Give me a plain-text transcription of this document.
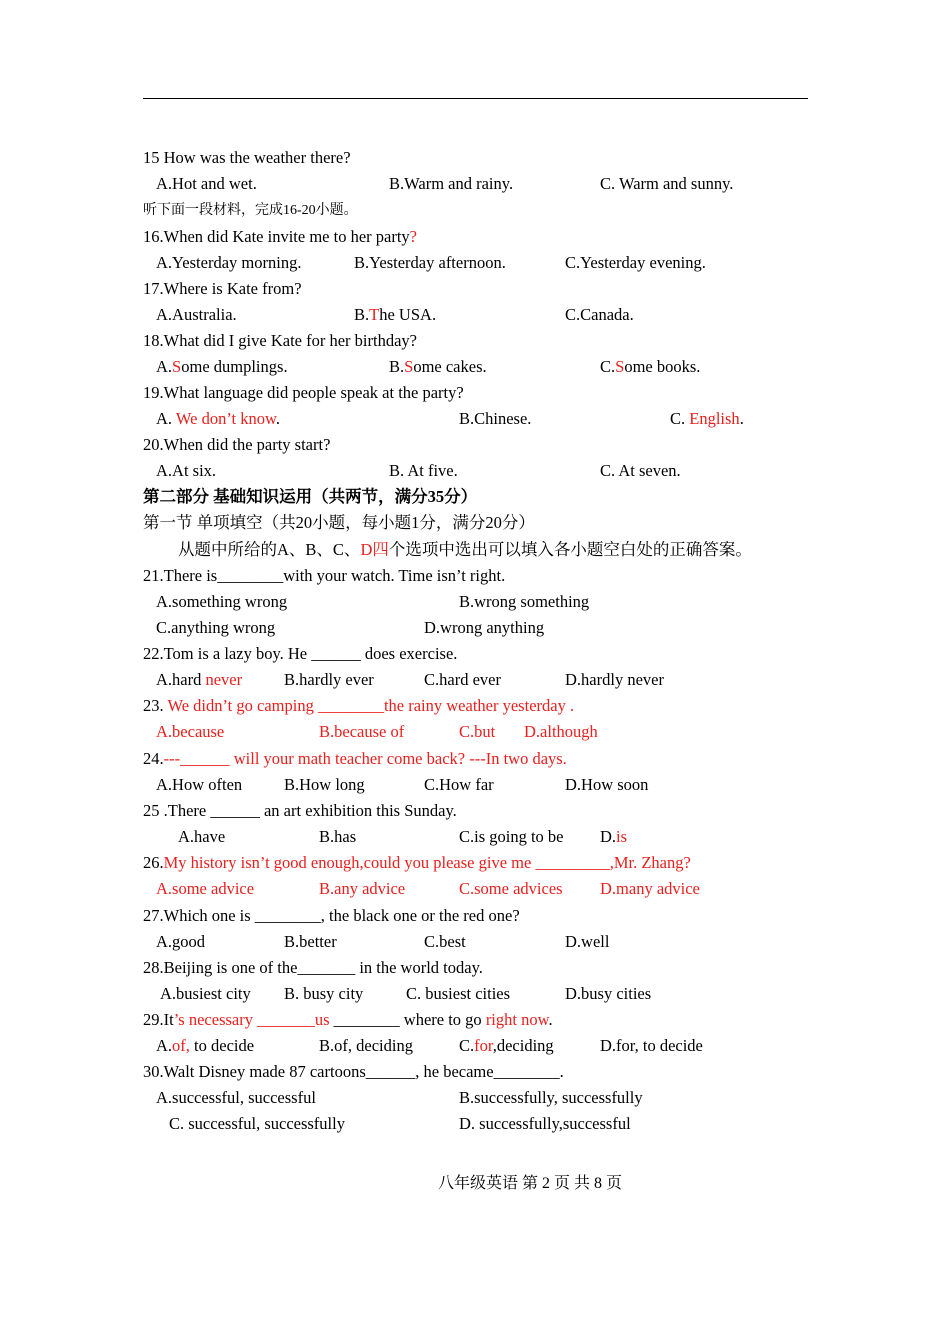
15 How was the weather there?
A.Hot and wet.	B.Warm and rainy.	C. Warm and sunny.
听下面一段材料，完成16-20小题。
16.When did Kate invite me to her party?
A.Yesterday morning.	B.Yesterday afternoon.	C.Yesterday evening.
17.Where is Kate from?
A.Australia.	B.The USA.	C.Canada.
18.What did I give Kate for her birthday?
A.Some dumplings.	B.Some cakes.	C.Some books.
19.What language did people speak at the party?
A. We don’t know.	B.Chinese.	C. English.
20.When did the party start?
A.At six.	B. At five.	C. At seven.
第二部分 基础知识运用（共两节，满分35分）
第一节 单项填空（共20小题，每小题1分，满分20分）
从题中所给的A、B、C、D四个选项中选出可以填入各小题空白处的正确答案。
21.There is________with your watch. Time isn’t right.
A.something wrong	B.wrong something
C.anything wrong	D.wrong anything
22.Tom is a lazy boy. He ______ does exercise.
A.hard never	B.hardly ever	C.hard ever	D.hardly never
23. We didn’t go camping ________the rainy weather yesterday .
A.because	B.because of	C.but D.although
24.---______ will your math teacher come back? ---In two days.
A.How often	B.How long	C.How far	D.How soon
25 .There ______ an art exhibition this Sunday.
A.have	B.has	C.is going to be D.is
26.My history isn’t good enough,could you please give me _________,Mr. Zhang?
A.some advice	B.any advice	C.some advices D.many advice
27.Which one is ________, the black one or the red one?
A.good	B.better	C.best	D.well
28.Beijing is one of the_______ in the world today.
A.busiest city B. busy city	C. busiest cities	D.busy cities
29.It’s necessary _______us ________ where to go right now.
A.of, to decide	B.of, deciding	C.for,deciding	D.for, to decide
30.Walt Disney made 87 cartoons______, he became________.
A.successful, successful	B.successfully, successfully
C. successful, successfully	D. successfully,successful
八年级英语 第 2 页 共 8 页
